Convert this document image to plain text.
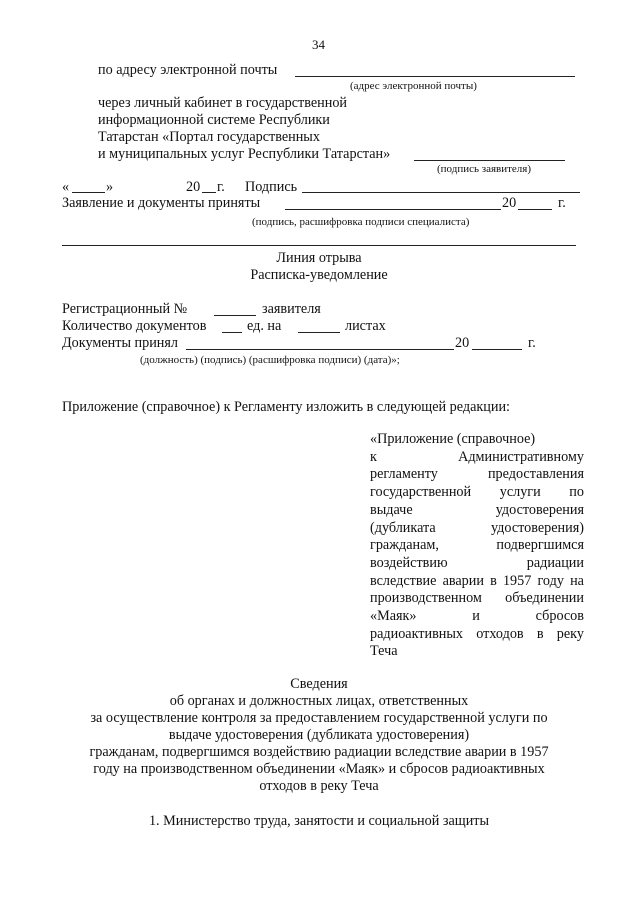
34
по адресу электронной почты
(адрес электронной почты)
через личный кабинет в государственной
информационной системе Республики
Татарстан «Портал государственных
и муниципальных услуг Республики Татарстан»
(подпись заявителя)
«	»	20 г. Подпись
Заявление и документы приняты	20	г.
(подпись, расшифровка подписи специалиста)
Линия отрыва
Расписка-уведомление
Регистрационный №	заявителя
Количество документов	ед. на	листах
Документы принял	20	г.
(должность) (подпись) (расшифровка подписи) (дата)»;
Приложение (справочное) к Регламенту изложить в следующей редакции:
«Приложение (справочное)
к	Административному
регламенту	предоставления
государственной услуги по
выдаче	удостоверения
(дубликата	удостоверения)
гражданам,	подвергшимся
воздействию	радиации
вследствие аварии в 1957 году на
производственном объединении
«Маяк»	и	сбросов
радиоактивных отходов в реку
Теча
Сведения
об органах и должностных лицах, ответственных
за осуществление контроля за предоставлением государственной услуги по
выдаче удостоверения (дубликата удостоверения)
гражданам, подвергшимся воздействию радиации вследствие аварии в 1957
году на производственном объединении «Маяк» и сбросов радиоактивных
отходов в реку Теча
1. Министерство труда, занятости и социальной защиты
